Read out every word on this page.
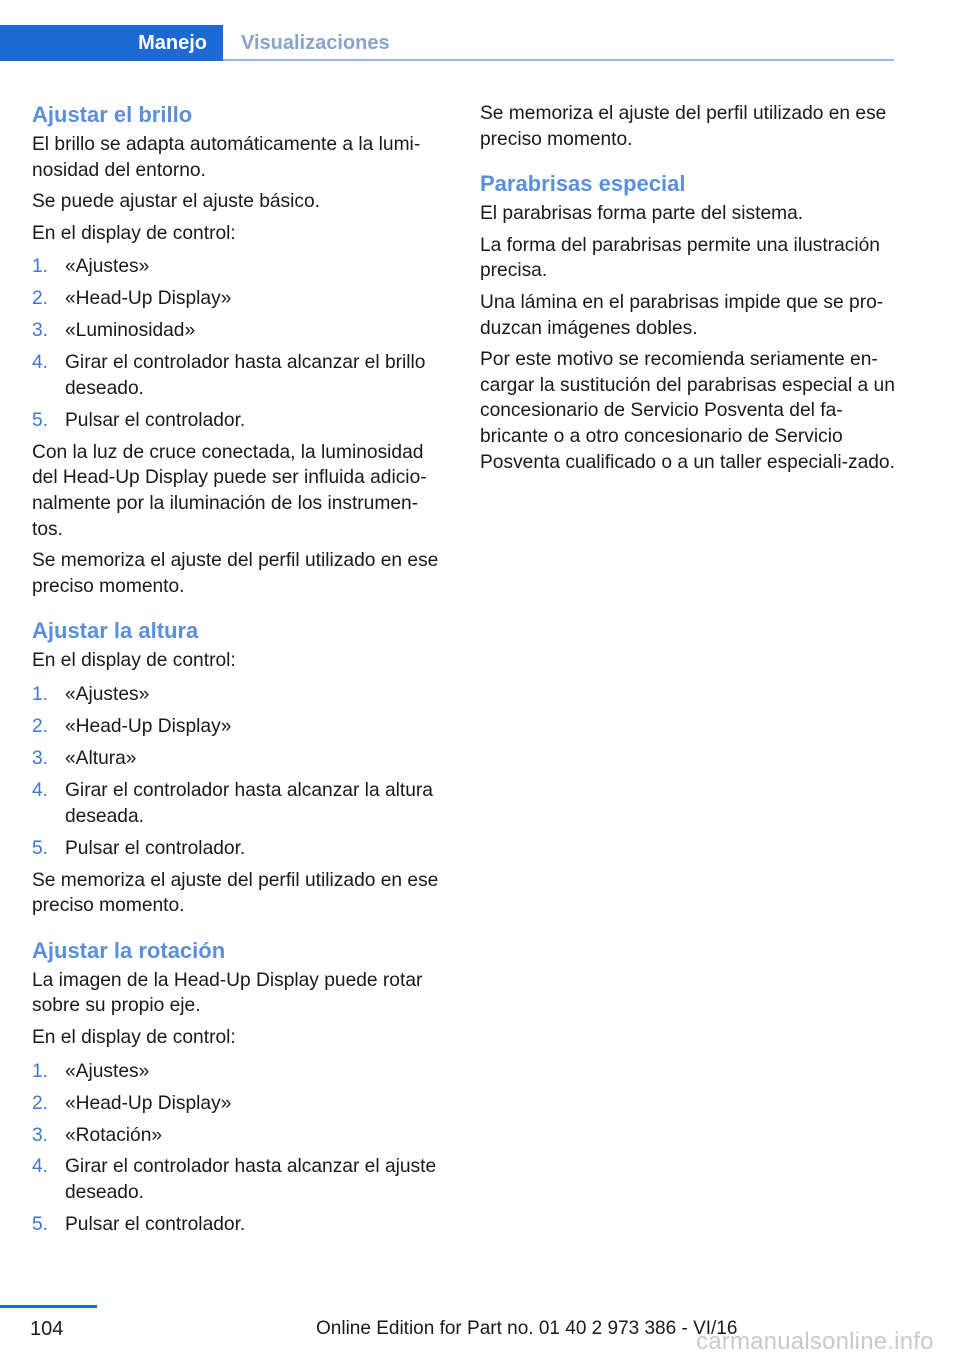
Manejo	Visualizaciones
Ajustar el brillo

El brillo se adapta automáticamente a la lumi‐nosidad del entorno.

Se puede ajustar el ajuste básico.

En el display de control:

1. «Ajustes»
2. «Head-Up Display»
3. «Luminosidad»
4. Girar el controlador hasta alcanzar el brillo deseado.
5. Pulsar el controlador.

Con la luz de cruce conectada, la luminosidad del Head-Up Display puede ser influida adicio‐nalmente por la iluminación de los instrumen‐tos.

Se memoriza el ajuste del perfil utilizado en ese preciso momento.

Ajustar la altura

En el display de control:

1. «Ajustes»
2. «Head-Up Display»
3. «Altura»
4. Girar el controlador hasta alcanzar la altura deseada.
5. Pulsar el controlador.

Se memoriza el ajuste del perfil utilizado en ese preciso momento.

Ajustar la rotación

La imagen de la Head-Up Display puede rotar sobre su propio eje.

En el display de control:

1. «Ajustes»
2. «Head-Up Display»
3. «Rotación»
4. Girar el controlador hasta alcanzar el ajuste deseado.
5. Pulsar el controlador.

Se memoriza el ajuste del perfil utilizado en ese preciso momento.

Parabrisas especial

El parabrisas forma parte del sistema.

La forma del parabrisas permite una ilustración precisa.

Una lámina en el parabrisas impide que se pro‐duzcan imágenes dobles.

Por este motivo se recomienda seriamente en‐cargar la sustitución del parabrisas especial a un concesionario de Servicio Posventa del fa‐bricante o a otro concesionario de Servicio Posventa cualificado o a un taller especiali‐zado.

104	Online Edition for Part no. 01 40 2 973 386 - VI/16
carmanualsonline.info
